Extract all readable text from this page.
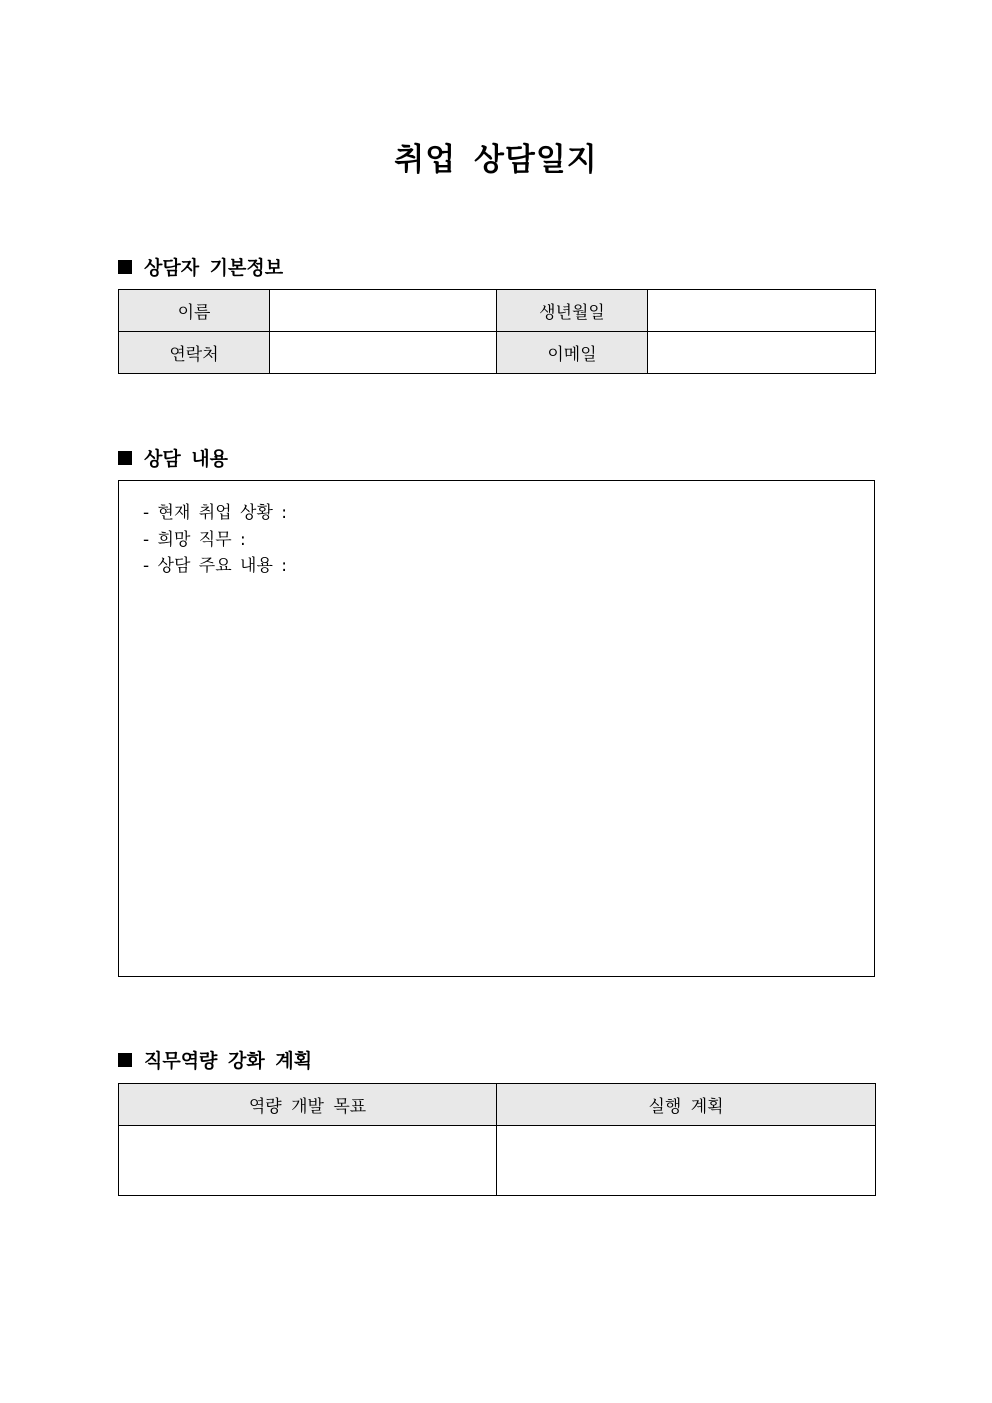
취업 상담일지
상담자 기본정보
이름		생년월일	
연락처		이메일	
상담 내용
- 현재 취업 상황 :
- 희망 직무 :
- 상담 주요 내용 :
직무역량 강화 계획
역량 개발 목표	실행 계획
